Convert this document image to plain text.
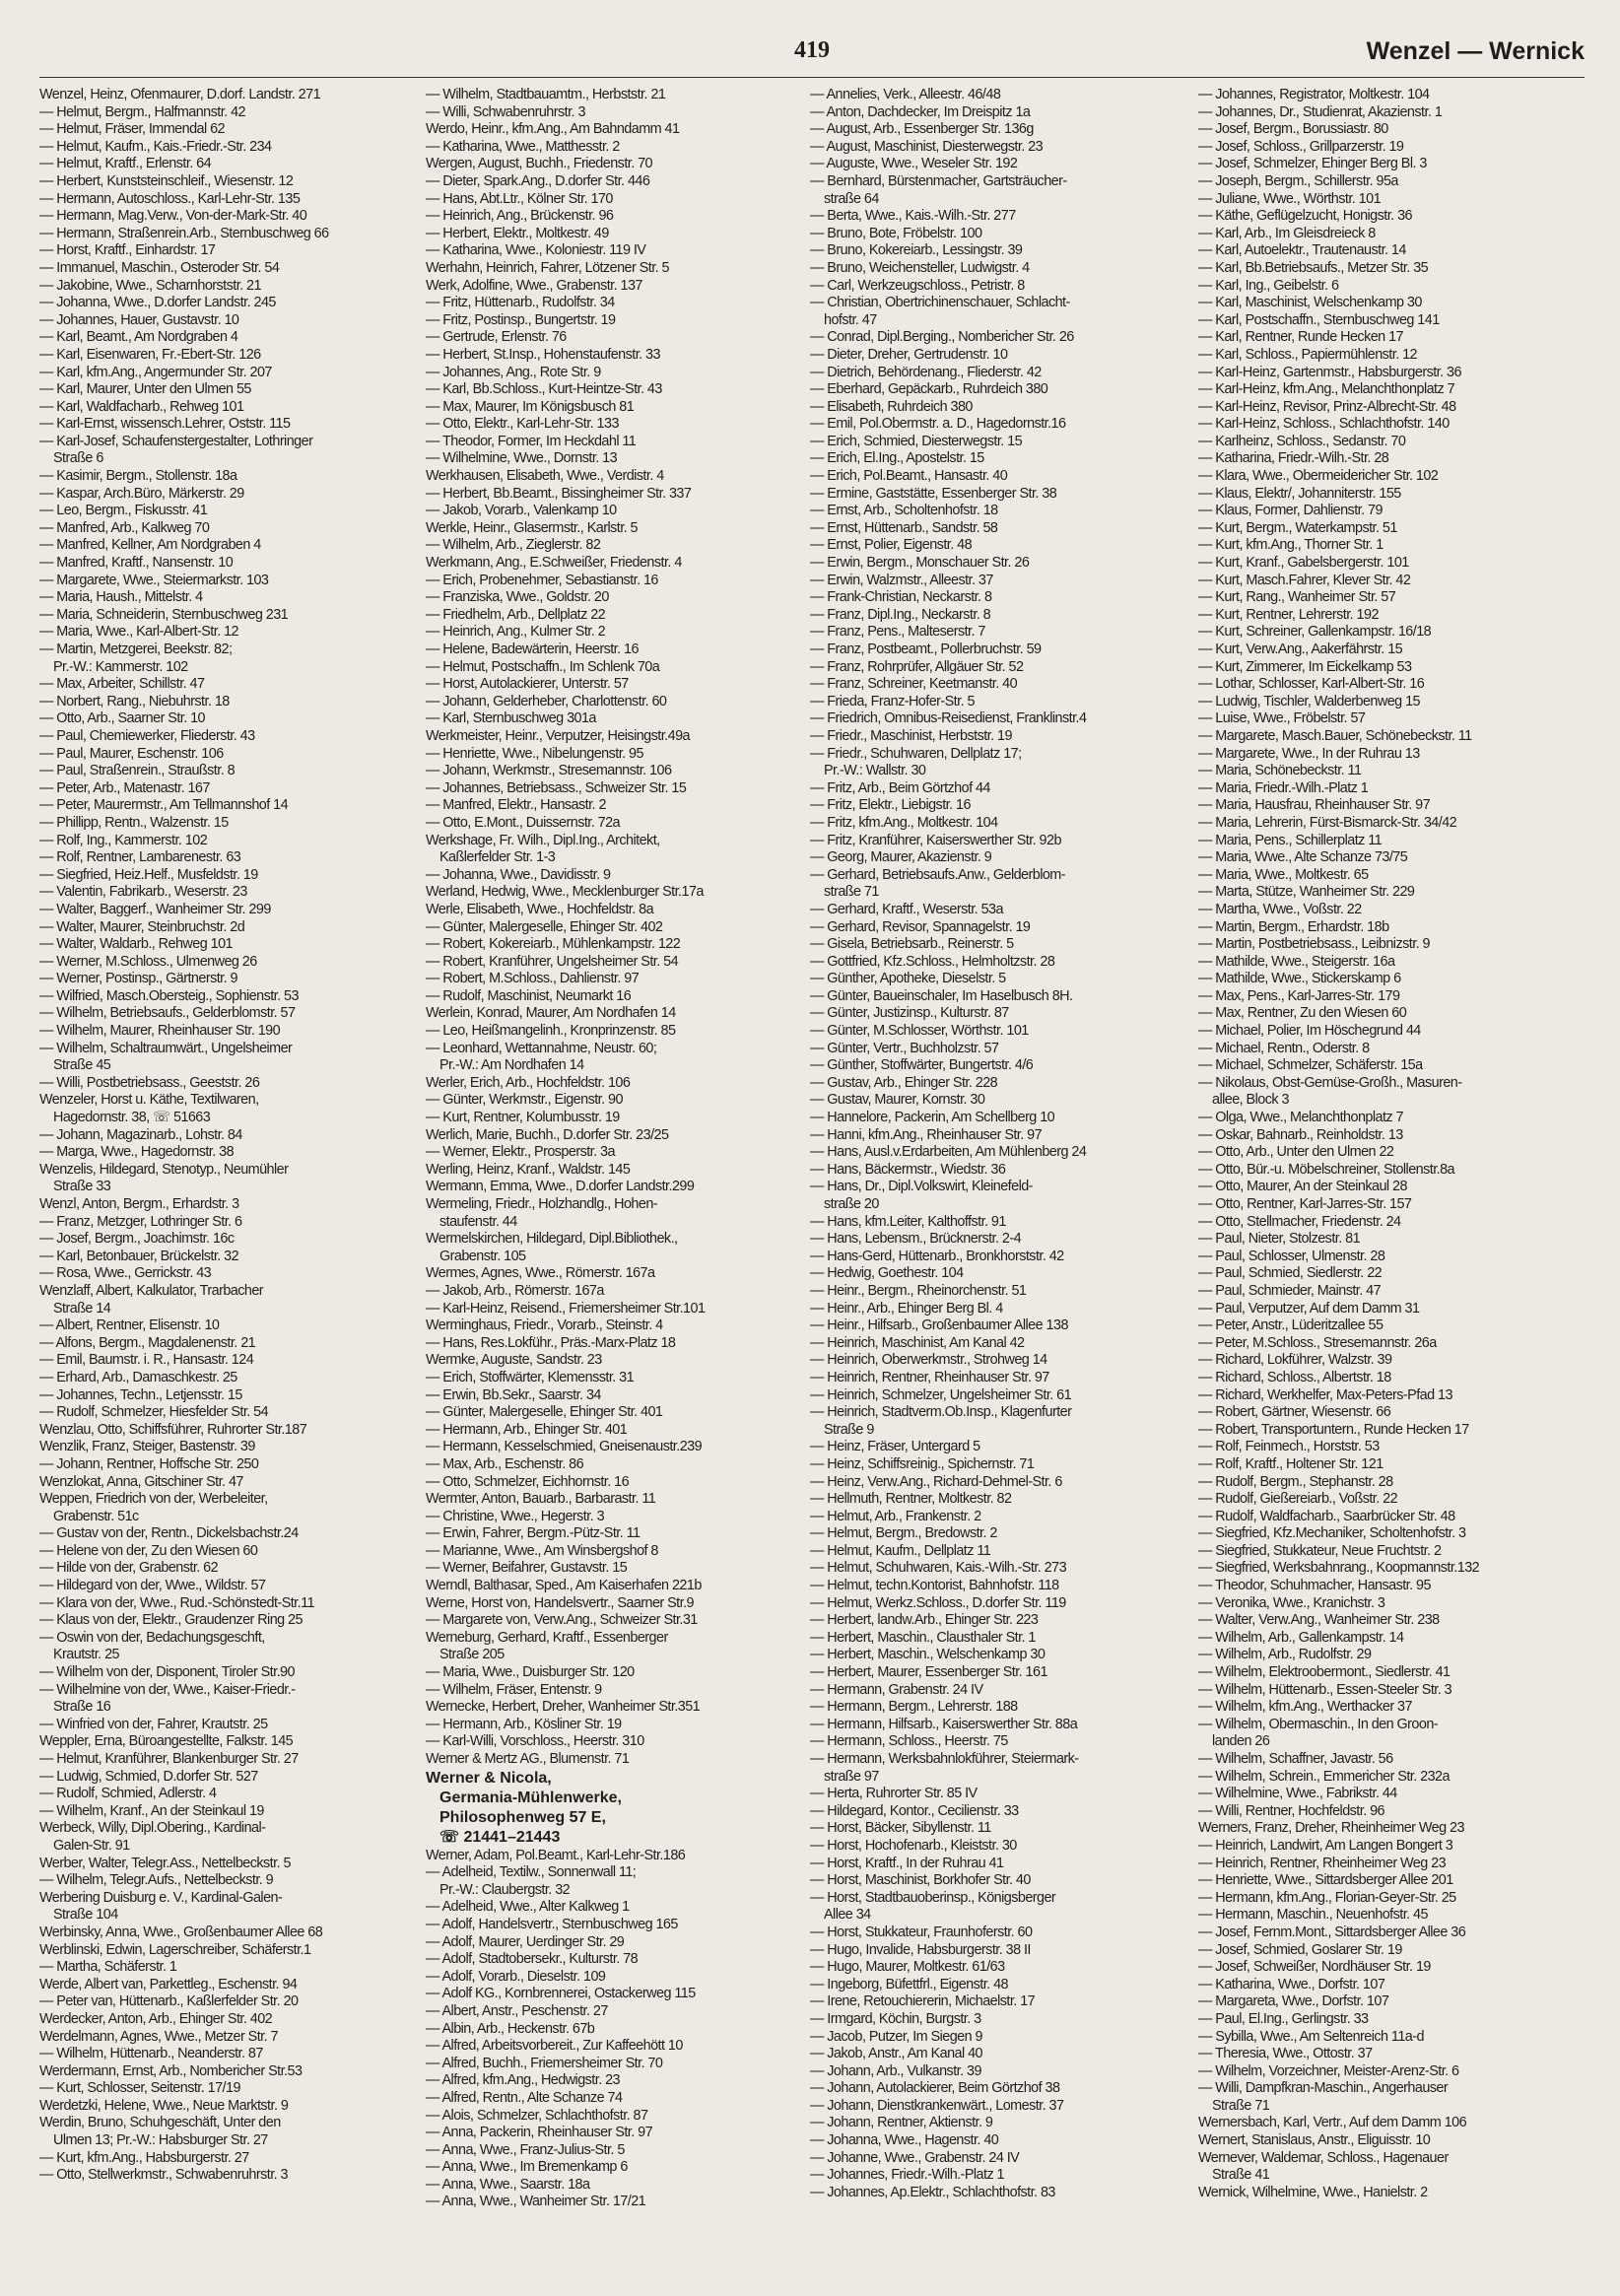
419	Wenzel — Wernick
Wenzel, Heinz, Ofenmaurer, D.dorf. Landstr. 271
— Helmut, Bergm., Halfmannstr. 42
— Helmut, Fräser, Immendal 62
— Helmut, Kaufm., Kais.-Friedr.-Str. 234
— Helmut, Kraftf., Erlenstr. 64
— Herbert, Kunststeinschleif., Wiesenstr. 12
— Hermann, Autoschloss., Karl-Lehr-Str. 135
— Hermann, Mag.Verw., Von-der-Mark-Str. 40
— Hermann, Straßenrein.Arb., Sternbuschweg 66
— Horst, Kraftf., Einhardstr. 17
— Immanuel, Maschin., Osteroder Str. 54
— Jakobine, Wwe., Scharnhorststr. 21
— Johanna, Wwe., D.dorfer Landstr. 245
— Johannes, Hauer, Gustavstr. 10
— Karl, Beamt., Am Nordgraben 4
— Karl, Eisenwaren, Fr.-Ebert-Str. 126
— Karl, kfm.Ang., Angermunder Str. 207
— Karl, Maurer, Unter den Ulmen 55
— Karl, Waldfacharb., Rehweg 101
— Karl-Ernst, wissensch.Lehrer, Oststr. 115
— Karl-Josef, Schaufenstergestalter, Lothringer
Straße 6
— Kasimir, Bergm., Stollenstr. 18a
— Kaspar, Arch.Büro, Märkerstr. 29
— Leo, Bergm., Fiskusstr. 41
— Manfred, Arb., Kalkweg 70
— Manfred, Kellner, Am Nordgraben 4
— Manfred, Kraftf., Nansenstr. 10
— Margarete, Wwe., Steiermarkstr. 103
— Maria, Haush., Mittelstr. 4
— Maria, Schneiderin, Sternbuschweg 231
— Maria, Wwe., Karl-Albert-Str. 12
— Martin, Metzgerei, Beekstr. 82;
Pr.-W.: Kammerstr. 102
— Max, Arbeiter, Schillstr. 47
— Norbert, Rang., Niebuhrstr. 18
— Otto, Arb., Saarner Str. 10
— Paul, Chemiewerker, Fliederstr. 43
— Paul, Maurer, Eschenstr. 106
— Paul, Straßenrein., Straußstr. 8
— Peter, Arb., Matenastr. 167
— Peter, Maurermstr., Am Tellmannshof 14
— Phillipp, Rentn., Walzenstr. 15
— Rolf, Ing., Kammerstr. 102
— Rolf, Rentner, Lambarenestr. 63
— Siegfried, Heiz.Helf., Musfeldstr. 19
— Valentin, Fabrikarb., Weserstr. 23
— Walter, Baggerf., Wanheimer Str. 299
— Walter, Maurer, Steinbruchstr. 2d
— Walter, Waldarb., Rehweg 101
— Werner, M.Schloss., Ulmenweg 26
— Werner, Postinsp., Gärtnerstr. 9
— Wilfried, Masch.Obersteig., Sophienstr. 53
— Wilhelm, Betriebsaufs., Gelderblomstr. 57
— Wilhelm, Maurer, Rheinhauser Str. 190
— Wilhelm, Schaltraumwärt., Ungelsheimer
Straße 45
— Willi, Postbetriebsass., Geeststr. 26
Wenzeler, Horst u. Käthe, Textilwaren,
Hagedornstr. 38, ☏ 51663
— Johann, Magazinarb., Lohstr. 84
— Marga, Wwe., Hagedornstr. 38
Wenzelis, Hildegard, Stenotyp., Neumühler
Straße 33
Wenzl, Anton, Bergm., Erhardstr. 3
— Franz, Metzger, Lothringer Str. 6
— Josef, Bergm., Joachimstr. 16c
— Karl, Betonbauer, Brückelstr. 32
— Rosa, Wwe., Gerrickstr. 43
Wenzlaff, Albert, Kalkulator, Trarbacher
Straße 14
— Albert, Rentner, Elisenstr. 10
— Alfons, Bergm., Magdalenenstr. 21
— Emil, Baumstr. i. R., Hansastr. 124
— Erhard, Arb., Damaschkestr. 25
— Johannes, Techn., Letjensstr. 15
— Rudolf, Schmelzer, Hiesfelder Str. 54
Wenzlau, Otto, Schiffsführer, Ruhrorter Str.187
Wenzlik, Franz, Steiger, Bastenstr. 39
— Johann, Rentner, Hoffsche Str. 250
Wenzlokat, Anna, Gitschiner Str. 47
Weppen, Friedrich von der, Werbeleiter,
Grabenstr. 51c
— Gustav von der, Rentn., Dickelsbachstr.24
— Helene von der, Zu den Wiesen 60
— Hilde von der, Grabenstr. 62
— Hildegard von der, Wwe., Wildstr. 57
— Klara von der, Wwe., Rud.-Schönstedt-Str.11
— Klaus von der, Elektr., Graudenzer Ring 25
— Oswin von der, Bedachungsgeschft,
Krautstr. 25
— Wilhelm von der, Disponent, Tiroler Str.90
— Wilhelmine von der, Wwe., Kaiser-Friedr.-
Straße 16
— Winfried von der, Fahrer, Krautstr. 25
Weppler, Erna, Büroangestellte, Falkstr. 145
— Helmut, Kranführer, Blankenburger Str. 27
— Ludwig, Schmied, D.dorfer Str. 527
— Rudolf, Schmied, Adlerstr. 4
— Wilhelm, Kranf., An der Steinkaul 19
Werbeck, Willy, Dipl.Obering., Kardinal-
Galen-Str. 91
Werber, Walter, Telegr.Ass., Nettelbeckstr. 5
— Wilhelm, Telegr.Aufs., Nettelbeckstr. 9
Werbering Duisburg e. V., Kardinal-Galen-
Straße 104
Werbinsky, Anna, Wwe., Großenbaumer Allee 68
Werblinski, Edwin, Lagerschreiber, Schäferstr.1
— Martha, Schäferstr. 1
Werde, Albert van, Parkettleg., Eschenstr. 94
— Peter van, Hüttenarb., Kaßlerfelder Str. 20
Werdecker, Anton, Arb., Ehinger Str. 402
Werdelmann, Agnes, Wwe., Metzer Str. 7
— Wilhelm, Hüttenarb., Neanderstr. 87
Werdermann, Ernst, Arb., Nombericher Str.53
— Kurt, Schlosser, Seitenstr. 17/19
Werdetzki, Helene, Wwe., Neue Marktstr. 9
Werdin, Bruno, Schuhgeschäft, Unter den
Ulmen 13; Pr.-W.: Habsburger Str. 27
— Kurt, kfm.Ang., Habsburgerstr. 27
— Otto, Stellwerkmstr., Schwabenruhrstr. 3
— Wilhelm, Stadtbauamtm., Herbststr. 21
— Willi, Schwabenruhrstr. 3
Werdo, Heinr., kfm.Ang., Am Bahndamm 41
— Katharina, Wwe., Matthesstr. 2
Wergen, August, Buchh., Friedenstr. 70
— Dieter, Spark.Ang., D.dorfer Str. 446
— Hans, Abt.Ltr., Kölner Str. 170
— Heinrich, Ang., Brückenstr. 96
— Herbert, Elektr., Moltkestr. 49
— Katharina, Wwe., Koloniestr. 119 IV
Werhahn, Heinrich, Fahrer, Lötzener Str. 5
Werk, Adolfine, Wwe., Grabenstr. 137
— Fritz, Hüttenarb., Rudolfstr. 34
— Fritz, Postinsp., Bungertstr. 19
— Gertrude, Erlenstr. 76
— Herbert, St.Insp., Hohenstaufenstr. 33
— Johannes, Ang., Rote Str. 9
— Karl, Bb.Schloss., Kurt-Heintze-Str. 43
— Max, Maurer, Im Königsbusch 81
— Otto, Elektr., Karl-Lehr-Str. 133
— Theodor, Former, Im Heckdahl 11
— Wilhelmine, Wwe., Dornstr. 13
Werkhausen, Elisabeth, Wwe., Verdistr. 4
— Herbert, Bb.Beamt., Bissingheimer Str. 337
— Jakob, Vorarb., Valenkamp 10
Werkle, Heinr., Glasermstr., Karlstr. 5
— Wilhelm, Arb., Zieglerstr. 82
Werkmann, Ang., E.Schweißer, Friedenstr. 4
— Erich, Probenehmer, Sebastianstr. 16
— Franziska, Wwe., Goldstr. 20
— Friedhelm, Arb., Dellplatz 22
— Heinrich, Ang., Kulmer Str. 2
— Helene, Badewärterin, Heerstr. 16
— Helmut, Postschaffn., Im Schlenk 70a
— Horst, Autolackierer, Unterstr. 57
— Johann, Gelderheber, Charlottenstr. 60
— Karl, Sternbuschweg 301a
Werkmeister, Heinr., Verputzer, Heisingstr.49a
— Henriette, Wwe., Nibelungenstr. 95
— Johann, Werkmstr., Stresemannstr. 106
— Johannes, Betriebsass., Schweizer Str. 15
— Manfred, Elektr., Hansastr. 2
— Otto, E.Mont., Duissernstr. 72a
Werkshage, Fr. Wilh., Dipl.Ing., Architekt,
Kaßlerfelder Str. 1-3
— Johanna, Wwe., Davidisstr. 9
Werland, Hedwig, Wwe., Mecklenburger Str.17a
Werle, Elisabeth, Wwe., Hochfeldstr. 8a
— Günter, Malergeselle, Ehinger Str. 402
— Robert, Kokereiarb., Mühlenkampstr. 122
— Robert, Kranführer, Ungelsheimer Str. 54
— Robert, M.Schloss., Dahlienstr. 97
— Rudolf, Maschinist, Neumarkt 16
Werlein, Konrad, Maurer, Am Nordhafen 14
— Leo, Heißmangelinh., Kronprinzenstr. 85
— Leonhard, Wettannahme, Neustr. 60;
Pr.-W.: Am Nordhafen 14
Werler, Erich, Arb., Hochfeldstr. 106
— Günter, Werkmstr., Eigenstr. 90
— Kurt, Rentner, Kolumbusstr. 19
Werlich, Marie, Buchh., D.dorfer Str. 23/25
— Werner, Elektr., Prosperstr. 3a
Werling, Heinz, Kranf., Waldstr. 145
Wermann, Emma, Wwe., D.dorfer Landstr.299
Wermeling, Friedr., Holzhandlg., Hohen-
staufenstr. 44
Wermelskirchen, Hildegard, Dipl.Bibliothek.,
Grabenstr. 105
Wermes, Agnes, Wwe., Römerstr. 167a
— Jakob, Arb., Römerstr. 167a
— Karl-Heinz, Reisend., Friemersheimer Str.101
Werminghaus, Friedr., Vorarb., Steinstr. 4
— Hans, Res.Lokführ., Präs.-Marx-Platz 18
Wermke, Auguste, Sandstr. 23
— Erich, Stoffwärter, Klemensstr. 31
— Erwin, Bb.Sekr., Saarstr. 34
— Günter, Malergeselle, Ehinger Str. 401
— Hermann, Arb., Ehinger Str. 401
— Hermann, Kesselschmied, Gneisenaustr.239
— Max, Arb., Eschenstr. 86
— Otto, Schmelzer, Eichhornstr. 16
Wermter, Anton, Bauarb., Barbarastr. 11
— Christine, Wwe., Hegerstr. 3
— Erwin, Fahrer, Bergm.-Pütz-Str. 11
— Marianne, Wwe., Am Winsbergshof 8
— Werner, Beifahrer, Gustavstr. 15
Werndl, Balthasar, Sped., Am Kaiserhafen 221b
Werne, Horst von, Handelsvertr., Saarner Str.9
— Margarete von, Verw.Ang., Schweizer Str.31
Werneburg, Gerhard, Kraftf., Essenberger
Straße 205
— Maria, Wwe., Duisburger Str. 120
— Wilhelm, Fräser, Entenstr. 9
Wernecke, Herbert, Dreher, Wanheimer Str.351
— Hermann, Arb., Kösliner Str. 19
— Karl-Willi, Vorschloss., Heerstr. 310
Werner & Mertz AG., Blumenstr. 71
Werner & Nicola,
Germania-Mühlenwerke,
Philosophenweg 57 E,
☏ 21441–21443
Werner, Adam, Pol.Beamt., Karl-Lehr-Str.186
— Adelheid, Textilw., Sonnenwall 11;
Pr.-W.: Claubergstr. 32
— Adelheid, Wwe., Alter Kalkweg 1
— Adolf, Handelsvertr., Sternbuschweg 165
— Adolf, Maurer, Uerdinger Str. 29
— Adolf, Stadtobersekr., Kulturstr. 78
— Adolf, Vorarb., Dieselstr. 109
— Adolf KG., Kornbrennerei, Ostackerweg 115
— Albert, Anstr., Peschenstr. 27
— Albin, Arb., Heckenstr. 67b
— Alfred, Arbeitsvorbereit., Zur Kaffeehött 10
— Alfred, Buchh., Friemersheimer Str. 70
— Alfred, kfm.Ang., Hedwigstr. 23
— Alfred, Rentn., Alte Schanze 74
— Alois, Schmelzer, Schlachthofstr. 87
— Anna, Packerin, Rheinhauser Str. 97
— Anna, Wwe., Franz-Julius-Str. 5
— Anna, Wwe., Im Bremenkamp 6
— Anna, Wwe., Saarstr. 18a
— Anna, Wwe., Wanheimer Str. 17/21
— Annelies, Verk., Alleestr. 46/48
— Anton, Dachdecker, Im Dreispitz 1a
— August, Arb., Essenberger Str. 136g
— August, Maschinist, Diesterwegstr. 23
— Auguste, Wwe., Weseler Str. 192
— Bernhard, Bürstenmacher, Gartsträucher-
straße 64
— Berta, Wwe., Kais.-Wilh.-Str. 277
— Bruno, Bote, Fröbelstr. 100
— Bruno, Kokereiarb., Lessingstr. 39
— Bruno, Weichensteller, Ludwigstr. 4
— Carl, Werkzeugschloss., Petristr. 8
— Christian, Obertrichinenschauer, Schlacht-
hofstr. 47
— Conrad, Dipl.Berging., Nombericher Str. 26
— Dieter, Dreher, Gertrudenstr. 10
— Dietrich, Behördenang., Fliederstr. 42
— Eberhard, Gepäckarb., Ruhrdeich 380
— Elisabeth, Ruhrdeich 380
— Emil, Pol.Obermstr. a. D., Hagedornstr.16
— Erich, Schmied, Diesterwegstr. 15
— Erich, El.Ing., Apostelstr. 15
— Erich, Pol.Beamt., Hansastr. 40
— Ermine, Gaststätte, Essenberger Str. 38
— Ernst, Arb., Scholtenhofstr. 18
— Ernst, Hüttenarb., Sandstr. 58
— Ernst, Polier, Eigenstr. 48
— Erwin, Bergm., Monschauer Str. 26
— Erwin, Walzmstr., Alleestr. 37
— Frank-Christian, Neckarstr. 8
— Franz, Dipl.Ing., Neckarstr. 8
— Franz, Pens., Malteserstr. 7
— Franz, Postbeamt., Pollerbruchstr. 59
— Franz, Rohrprüfer, Allgäuer Str. 52
— Franz, Schreiner, Keetmanstr. 40
— Frieda, Franz-Hofer-Str. 5
— Friedrich, Omnibus-Reisedienst, Franklinstr.4
— Friedr., Maschinist, Herbststr. 19
— Friedr., Schuhwaren, Dellplatz 17;
Pr.-W.: Wallstr. 30
— Fritz, Arb., Beim Görtzhof 44
— Fritz, Elektr., Liebigstr. 16
— Fritz, kfm.Ang., Moltkestr. 104
— Fritz, Kranführer, Kaiserswerther Str. 92b
— Georg, Maurer, Akazienstr. 9
— Gerhard, Betriebsaufs.Anw., Gelderblom-
straße 71
— Gerhard, Kraftf., Weserstr. 53a
— Gerhard, Revisor, Spannagelstr. 19
— Gisela, Betriebsarb., Reinerstr. 5
— Gottfried, Kfz.Schloss., Helmholtzstr. 28
— Günther, Apotheke, Dieselstr. 5
— Günter, Baueinschaler, Im Haselbusch 8H.
— Günter, Justizinsp., Kulturstr. 87
— Günter, M.Schlosser, Wörthstr. 101
— Günter, Vertr., Buchholzstr. 57
— Günther, Stoffwärter, Bungertstr. 4/6
— Gustav, Arb., Ehinger Str. 228
— Gustav, Maurer, Kornstr. 30
— Hannelore, Packerin, Am Schellberg 10
— Hanni, kfm.Ang., Rheinhauser Str. 97
— Hans, Ausl.v.Erdarbeiten, Am Mühlenberg 24
— Hans, Bäckermstr., Wiedstr. 36
— Hans, Dr., Dipl.Volkswirt, Kleinefeld-
straße 20
— Hans, kfm.Leiter, Kalthoffstr. 91
— Hans, Lebensm., Brücknerstr. 2-4
— Hans-Gerd, Hüttenarb., Bronkhorststr. 42
— Hedwig, Goethestr. 104
— Heinr., Bergm., Rheinorchenstr. 51
— Heinr., Arb., Ehinger Berg Bl. 4
— Heinr., Hilfsarb., Großenbaumer Allee 138
— Heinrich, Maschinist, Am Kanal 42
— Heinrich, Oberwerkmstr., Strohweg 14
— Heinrich, Rentner, Rheinhauser Str. 97
— Heinrich, Schmelzer, Ungelsheimer Str. 61
— Heinrich, Stadtverm.Ob.Insp., Klagenfurter
Straße 9
— Heinz, Fräser, Untergard 5
— Heinz, Schiffsreinig., Spichernstr. 71
— Heinz, Verw.Ang., Richard-Dehmel-Str. 6
— Hellmuth, Rentner, Moltkestr. 82
— Helmut, Arb., Frankenstr. 2
— Helmut, Bergm., Bredowstr. 2
— Helmut, Kaufm., Dellplatz 11
— Helmut, Schuhwaren, Kais.-Wilh.-Str. 273
— Helmut, techn.Kontorist, Bahnhofstr. 118
— Helmut, Werkz.Schloss., D.dorfer Str. 119
— Herbert, landw.Arb., Ehinger Str. 223
— Herbert, Maschin., Clausthaler Str. 1
— Herbert, Maschin., Welschenkamp 30
— Herbert, Maurer, Essenberger Str. 161
— Hermann, Grabenstr. 24 IV
— Hermann, Bergm., Lehrerstr. 188
— Hermann, Hilfsarb., Kaiserswerther Str. 88a
— Hermann, Schloss., Heerstr. 75
— Hermann, Werksbahnlokführer, Steiermark-
straße 97
— Herta, Ruhrorter Str. 85 IV
— Hildegard, Kontor., Cecilienstr. 33
— Horst, Bäcker, Sibyllenstr. 11
— Horst, Hochofenarb., Kleiststr. 30
— Horst, Kraftf., In der Ruhrau 41
— Horst, Maschinist, Borkhofer Str. 40
— Horst, Stadtbauoberinsp., Königsberger
Allee 34
— Horst, Stukkateur, Fraunhoferstr. 60
— Hugo, Invalide, Habsburgerstr. 38 II
— Hugo, Maurer, Moltkestr. 61/63
— Ingeborg, Büfettfrl., Eigenstr. 48
— Irene, Retouchiererin, Michaelstr. 17
— Irmgard, Köchin, Burgstr. 3
— Jacob, Putzer, Im Siegen 9
— Jakob, Anstr., Am Kanal 40
— Johann, Arb., Vulkanstr. 39
— Johann, Autolackierer, Beim Görtzhof 38
— Johann, Dienstkrankenwärt., Lomestr. 37
— Johann, Rentner, Aktienstr. 9
— Johanna, Wwe., Hagenstr. 40
— Johanne, Wwe., Grabenstr. 24 IV
— Johannes, Friedr.-Wilh.-Platz 1
— Johannes, Ap.Elektr., Schlachthofstr. 83
— Johannes, Registrator, Moltkestr. 104
— Johannes, Dr., Studienrat, Akazienstr. 1
— Josef, Bergm., Borussiastr. 80
— Josef, Schloss., Grillparzerstr. 19
— Josef, Schmelzer, Ehinger Berg Bl. 3
— Joseph, Bergm., Schillerstr. 95a
— Juliane, Wwe., Wörthstr. 101
— Käthe, Geflügelzucht, Honigstr. 36
— Karl, Arb., Im Gleisdreieck 8
— Karl, Autoelektr., Trautenaustr. 14
— Karl, Bb.Betriebsaufs., Metzer Str. 35
— Karl, Ing., Geibelstr. 6
— Karl, Maschinist, Welschenkamp 30
— Karl, Postschaffn., Sternbuschweg 141
— Karl, Rentner, Runde Hecken 17
— Karl, Schloss., Papiermühlenstr. 12
— Karl-Heinz, Gartenmstr., Habsburgerstr. 36
— Karl-Heinz, kfm.Ang., Melanchthonplatz 7
— Karl-Heinz, Revisor, Prinz-Albrecht-Str. 48
— Karl-Heinz, Schloss., Schlachthofstr. 140
— Karlheinz, Schloss., Sedanstr. 70
— Katharina, Friedr.-Wilh.-Str. 28
— Klara, Wwe., Obermeidericher Str. 102
— Klaus, Elektr/, Johanniterstr. 155
— Klaus, Former, Dahlienstr. 79
— Kurt, Bergm., Waterkampstr. 51
— Kurt, kfm.Ang., Thorner Str. 1
— Kurt, Kranf., Gabelsbergerstr. 101
— Kurt, Masch.Fahrer, Klever Str. 42
— Kurt, Rang., Wanheimer Str. 57
— Kurt, Rentner, Lehrerstr. 192
— Kurt, Schreiner, Gallenkampstr. 16/18
— Kurt, Verw.Ang., Aakerfährstr. 15
— Kurt, Zimmerer, Im Eickelkamp 53
— Lothar, Schlosser, Karl-Albert-Str. 16
— Ludwig, Tischler, Walderbenweg 15
— Luise, Wwe., Fröbelstr. 57
— Margarete, Masch.Bauer, Schönebeckstr. 11
— Margarete, Wwe., In der Ruhrau 13
— Maria, Schönebeckstr. 11
— Maria, Friedr.-Wilh.-Platz 1
— Maria, Hausfrau, Rheinhauser Str. 97
— Maria, Lehrerin, Fürst-Bismarck-Str. 34/42
— Maria, Pens., Schillerplatz 11
— Maria, Wwe., Alte Schanze 73/75
— Maria, Wwe., Moltkestr. 65
— Marta, Stütze, Wanheimer Str. 229
— Martha, Wwe., Voßstr. 22
— Martin, Bergm., Erhardstr. 18b
— Martin, Postbetriebsass., Leibnizstr. 9
— Mathilde, Wwe., Steigerstr. 16a
— Mathilde, Wwe., Stickerskamp 6
— Max, Pens., Karl-Jarres-Str. 179
— Max, Rentner, Zu den Wiesen 60
— Michael, Polier, Im Höschegrund 44
— Michael, Rentn., Oderstr. 8
— Michael, Schmelzer, Schäferstr. 15a
— Nikolaus, Obst-Gemüse-Großh., Masuren-
allee, Block 3
— Olga, Wwe., Melanchthonplatz 7
— Oskar, Bahnarb., Reinholdstr. 13
— Otto, Arb., Unter den Ulmen 22
— Otto, Bür.-u. Möbelschreiner, Stollenstr.8a
— Otto, Maurer, An der Steinkaul 28
— Otto, Rentner, Karl-Jarres-Str. 157
— Otto, Stellmacher, Friedenstr. 24
— Paul, Nieter, Stolzestr. 81
— Paul, Schlosser, Ulmenstr. 28
— Paul, Schmied, Siedlerstr. 22
— Paul, Schmieder, Mainstr. 47
— Paul, Verputzer, Auf dem Damm 31
— Peter, Anstr., Lüderitzallee 55
— Peter, M.Schloss., Stresemannstr. 26a
— Richard, Lokführer, Walzstr. 39
— Richard, Schloss., Albertstr. 18
— Richard, Werkhelfer, Max-Peters-Pfad 13
— Robert, Gärtner, Wiesenstr. 66
— Robert, Transportuntern., Runde Hecken 17
— Rolf, Feinmech., Horststr. 53
— Rolf, Kraftf., Holtener Str. 121
— Rudolf, Bergm., Stephanstr. 28
— Rudolf, Gießereiarb., Voßstr. 22
— Rudolf, Waldfacharb., Saarbrücker Str. 48
— Siegfried, Kfz.Mechaniker, Scholtenhofstr. 3
— Siegfried, Stukkateur, Neue Fruchtstr. 2
— Siegfried, Werksbahnrang., Koopmannstr.132
— Theodor, Schuhmacher, Hansastr. 95
— Veronika, Wwe., Kranichstr. 3
— Walter, Verw.Ang., Wanheimer Str. 238
— Wilhelm, Arb., Gallenkampstr. 14
— Wilhelm, Arb., Rudolfstr. 29
— Wilhelm, Elektroobermont., Siedlerstr. 41
— Wilhelm, Hüttenarb., Essen-Steeler Str. 3
— Wilhelm, kfm.Ang., Werthacker 37
— Wilhelm, Obermaschin., In den Groon-
landen 26
— Wilhelm, Schaffner, Javastr. 56
— Wilhelm, Schrein., Emmericher Str. 232a
— Wilhelmine, Wwe., Fabrikstr. 44
— Willi, Rentner, Hochfeldstr. 96
Werners, Franz, Dreher, Rheinheimer Weg 23
— Heinrich, Landwirt, Am Langen Bongert 3
— Heinrich, Rentner, Rheinheimer Weg 23
— Henriette, Wwe., Sittardsberger Allee 201
— Hermann, kfm.Ang., Florian-Geyer-Str. 25
— Hermann, Maschin., Neuenhofstr. 45
— Josef, Fernm.Mont., Sittardsberger Allee 36
— Josef, Schmied, Goslarer Str. 19
— Josef, Schweißer, Nordhäuser Str. 19
— Katharina, Wwe., Dorfstr. 107
— Margareta, Wwe., Dorfstr. 107
— Paul, El.Ing., Gerlingstr. 33
— Sybilla, Wwe., Am Seltenreich 11a-d
— Theresia, Wwe., Ottostr. 37
— Wilhelm, Vorzeichner, Meister-Arenz-Str. 6
— Willi, Dampfkran-Maschin., Angerhauser
Straße 71
Wernersbach, Karl, Vertr., Auf dem Damm 106
Wernert, Stanislaus, Anstr., Eliguisstr. 10
Wernever, Waldemar, Schloss., Hagenauer
Straße 41
Wernick, Wilhelmine, Wwe., Hanielstr. 2
